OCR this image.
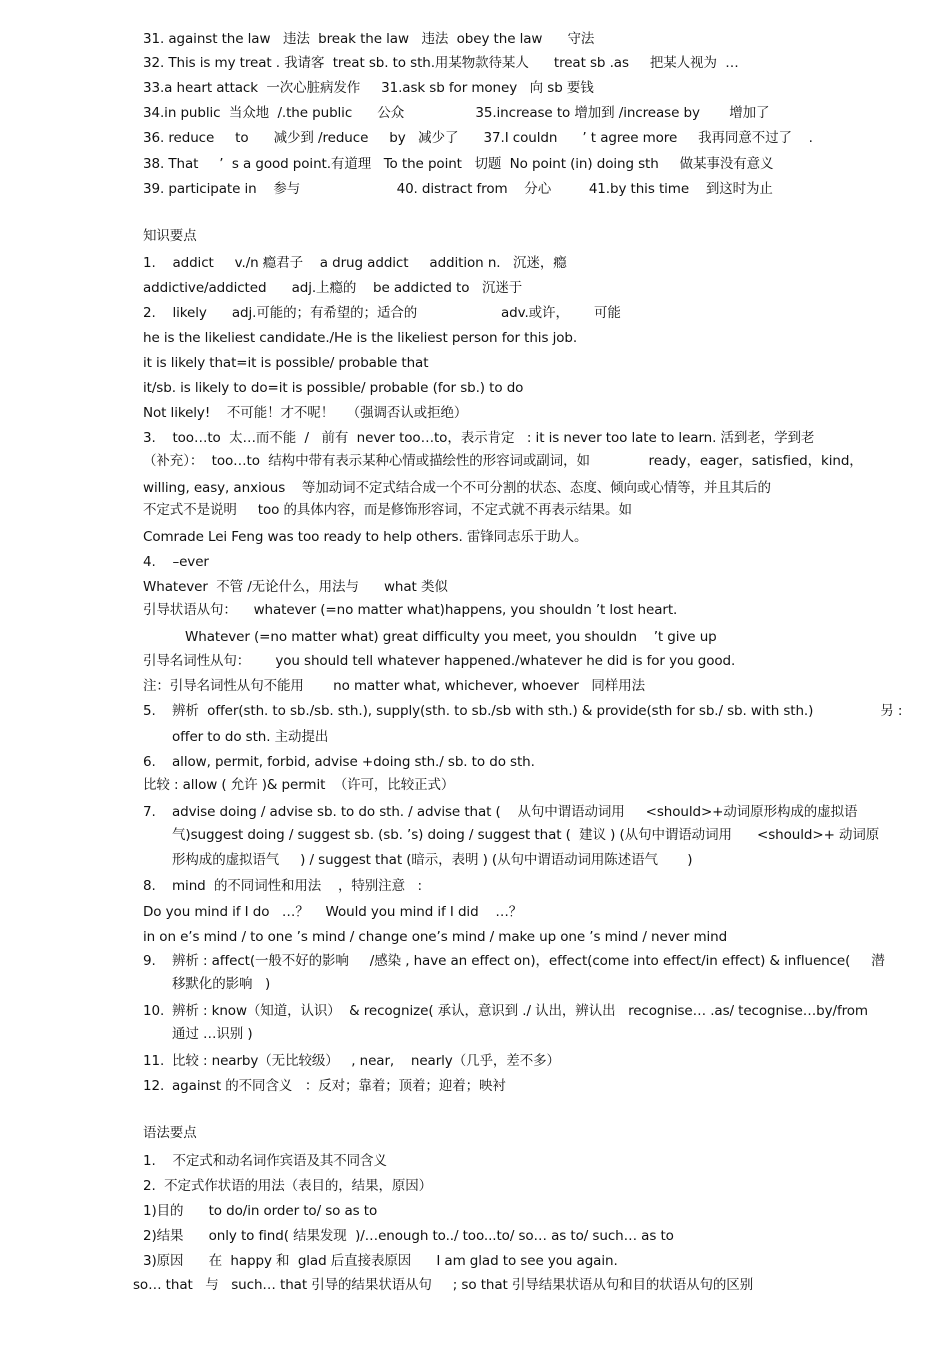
31. against the law   违法  break the law   违法  obey the law      守法
32. This is my treat . 我请客  treat sb. to sth.用某物款待某人      treat sb .as     把某人视为  …
33.a heart attack  一次心脏病发作     31.ask sb for money   向 sb 要钱
34.in public  当众地  /.the public      公众                 35.increase to 增加到 /increase by       增加了
36. reduce     to      减少到 /reduce     by   减少了      37.I couldn      ’ t agree more     我再同意不过了    .
38. That     ’  s a good point.有道理   To the point   切题  No point (in) doing sth     做某事没有意义
39. participate in    参与                       40. distract from    分心         41.by this time    到这时为止
知识要点
1.    addict     v./n 瘾君子    a drug addict     addition n.   沉迷，瘾
addictive/addicted      adj.上瘾的    be addicted to   沉迷于
2.    likely      adj.可能的；有希望的；适合的                    adv.或许，      可能
he is the likeliest candidate./He is the likeliest person for this job.
it is likely that=it is possible/ probable that
it/sb. is likely to do=it is possible/ probable (for sb.) to do
Not likely!    不可能！才不呢！   （强调否认或拒绝）
3.    too…to  太…而不能  /   前有  never too…to，表示肯定   : it is never too late to learn. 活到老，学到老
（补充）：  too…to  结构中带有表示某种心情或描绘性的形容词或副词，如              ready，eager，satisfied，kind，
willing, easy, anxious    等加动词不定式结合成一个不可分割的状态、态度、倾向或心情等，并且其后的
不定式不是说明     too 的具体内容，而是修饰形容词，不定式就不再表示结果。如
Comrade Lei Feng was too ready to help others. 雷锋同志乐于助人。
4.    –ever
Whatever  不管 /无论什么，用法与      what 类似
引导状语从句：    whatever (=no matter what)happens, you shouldn ’t lost heart.
Whatever (=no matter what) great difficulty you meet, you shouldn    ’t give up
引导名词性从句：      you should tell whatever happened./whatever he did is for you good.
注：引导名词性从句不能用       no matter what, whichever, whoever   同样用法
5. 辨析  offer(sth. to sb./sb. sth.), supply(sth. to sb./sb with sth.) & provide(sth for sb./ sb. with sth.)                另 :
offer to do sth. 主动提出
6. allow, permit, forbid, advise +doing sth./ sb. to do sth.
比较 : allow ( 允许 )& permit  （许可，比较正式）
7. advise doing / advise sb. to do sth. / advise that (    从句中谓语动词用     <should>+动词原形构成的虚拟语
气)suggest doing / suggest sb. (sb. ’s) doing / suggest that (  建议 ) (从句中谓语动词用      <should>+ 动词原
形构成的虚拟语气     ) / suggest that (暗示，表明 ) (从句中谓语动词用陈述语气       )
8. mind  的不同词性和用法    ，特别注意   :
Do you mind if I do   …？    Would you mind if I did    …？
in on e’s mind / to one ’s mind / change one’s mind / make up one ’s mind / never mind
9. 辨析 : affect(一般不好的影响     /感染 , have an effect on)，effect(come into effect/in effect) & influence(     潜
移默化的影响   )
10. 辨析 : know（知道，认识）  & recognize( 承认，意识到 ./ 认出，辨认出   recognise… .as/ tecognise…by/from
通过 …识别 )
11. 比较 : nearby（无比较级）   , near,    nearly（几乎，差不多）
12. against 的不同含义   ：反对；靠着；顶着；迎着；映衬
语法要点
1.    不定式和动名词作宾语及其不同含义
2.  不定式作状语的用法（表目的，结果，原因）
1)目的      to do/in order to/ so as to
2)结果      only to find( 结果发现  )/…enough to../ too...to/ so… as to/ such… as to
3)原因      在  happy 和  glad 后直接表原因      I am glad to see you again.
so… that   与   such… that 引导的结果状语从句     ; so that 引导结果状语从句和目的状语从句的区别
